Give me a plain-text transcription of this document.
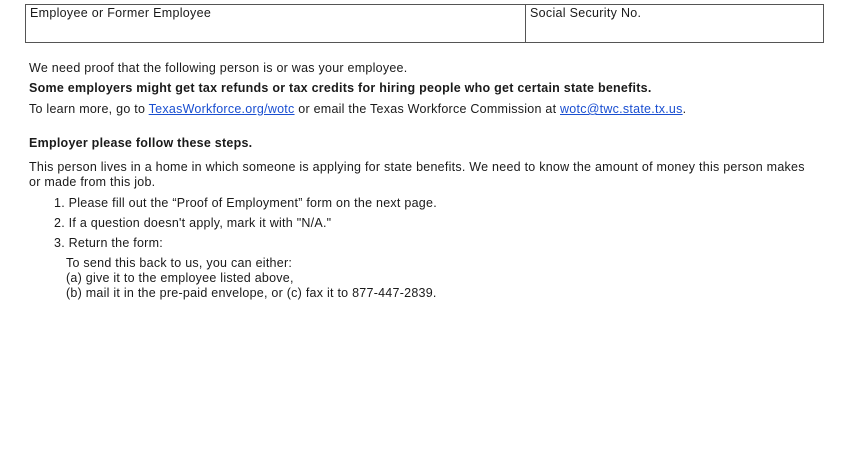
Employee or Former Employee	Social Security No.
We need proof that the following person is or was your employee.
Some employers might get tax refunds or tax credits for hiring people who get certain state benefits.
To learn more, go to TexasWorkforce.org/wotc or email the Texas Workforce Commission at wotc@twc.state.tx.us.
Employer please follow these steps.
This person lives in a home in which someone is applying for state benefits. We need to know the amount of money this person makes or made from this job.
1. Please fill out the “Proof of Employment” form on the next page.
2. If a question doesn't apply, mark it with "N/A."
3. Return the form:
To send this back to us, you can either:
(a) give it to the employee listed above,
(b) mail it in the pre-paid envelope, or (c) fax it to 877-447-2839.
